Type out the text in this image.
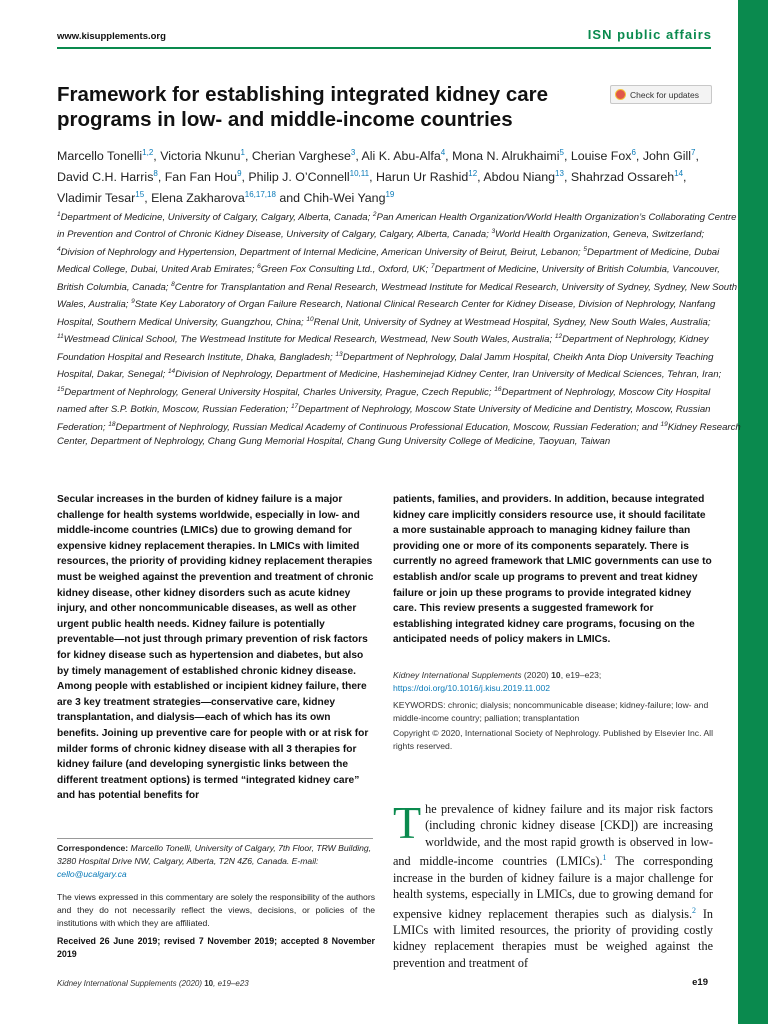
www.kisupplements.org	ISN public affairs
Framework for establishing integrated kidney care programs in low- and middle-income countries
Check for updates
Marcello Tonelli$^{1,2}$, Victoria Nkunu$^1$, Cherian Varghese$^3$, Ali K. Abu-Alfa$^4$, Mona N. Alrukhaimi$^5$, Louise Fox$^6$, John Gill$^7$, David C.H. Harris$^8$, Fan Fan Hou$^9$, Philip J. O’Connell$^{10,11}$, Harun Ur Rashid$^{12}$, Abdou Niang$^{13}$, Shahrzad Ossareh$^{14}$, Vladimir Tesar$^{15}$, Elena Zakharova$^{16,17,18}$ and Chih-Wei Yang$^{19}$
$^1$Department of Medicine, University of Calgary, Calgary, Alberta, Canada; $^2$Pan American Health Organization/World Health Organization’s Collaborating Centre in Prevention and Control of Chronic Kidney Disease, University of Calgary, Calgary, Alberta, Canada; $^3$World Health Organization, Geneva, Switzerland; $^4$Division of Nephrology and Hypertension, Department of Internal Medicine, American University of Beirut, Beirut, Lebanon; $^5$Department of Medicine, Dubai Medical College, Dubai, United Arab Emirates; $^6$Green Fox Consulting Ltd., Oxford, UK; $^7$Department of Medicine, University of British Columbia, Vancouver, British Columbia, Canada; $^8$Centre for Transplantation and Renal Research, Westmead Institute for Medical Research, University of Sydney, Sydney, New South Wales, Australia; $^9$State Key Laboratory of Organ Failure Research, National Clinical Research Center for Kidney Disease, Division of Nephrology, Nanfang Hospital, Southern Medical University, Guangzhou, China; $^{10}$Renal Unit, University of Sydney at Westmead Hospital, Sydney, New South Wales, Australia; $^{11}$Westmead Clinical School, The Westmead Institute for Medical Research, Westmead, New South Wales, Australia; $^{12}$Department of Nephrology, Kidney Foundation Hospital and Research Institute, Dhaka, Bangladesh; $^{13}$Department of Nephrology, Dalal Jamm Hospital, Cheikh Anta Diop University Teaching Hospital, Dakar, Senegal; $^{14}$Division of Nephrology, Department of Medicine, Hasheminejad Kidney Center, Iran University of Medical Sciences, Tehran, Iran; $^{15}$Department of Nephrology, General University Hospital, Charles University, Prague, Czech Republic; $^{16}$Department of Nephrology, Moscow City Hospital named after S.P. Botkin, Moscow, Russian Federation; $^{17}$Department of Nephrology, Moscow State University of Medicine and Dentistry, Moscow, Russian Federation; $^{18}$Department of Nephrology, Russian Medical Academy of Continuous Professional Education, Moscow, Russian Federation; and $^{19}$Kidney Research Center, Department of Nephrology, Chang Gung Memorial Hospital, Chang Gung University College of Medicine, Taoyuan, Taiwan
Secular increases in the burden of kidney failure is a major challenge for health systems worldwide, especially in low- and middle-income countries (LMICs) due to growing demand for expensive kidney replacement therapies. In LMICs with limited resources, the priority of providing kidney replacement therapies must be weighed against the prevention and treatment of chronic kidney disease, other kidney disorders such as acute kidney injury, and other noncommunicable diseases, as well as other urgent public health needs. Kidney failure is potentially preventable—not just through primary prevention of risk factors for kidney disease such as hypertension and diabetes, but also by timely management of established chronic kidney disease. Among people with established or incipient kidney failure, there are 3 key treatment strategies—conservative care, kidney transplantation, and dialysis—each of which has its own benefits. Joining up preventive care for people with or at risk for milder forms of chronic kidney disease with all 3 therapies for kidney failure (and developing synergistic links between the different treatment options) is termed “integrated kidney care” and has potential benefits for
patients, families, and providers. In addition, because integrated kidney care implicitly considers resource use, it should facilitate a more sustainable approach to managing kidney failure than providing one or more of its components separately. There is currently no agreed framework that LMIC governments can use to establish and/or scale up programs to prevent and treat kidney failure or join up these programs to provide integrated kidney care. This review presents a suggested framework for establishing integrated kidney care programs, focusing on the anticipated needs of policy makers in LMICs.
Kidney International Supplements (2020) 10, e19–e23; https://doi.org/10.1016/j.kisu.2019.11.002
KEYWORDS: chronic; dialysis; noncommunicable disease; kidney-failure; low- and middle-income country; palliation; transplantation
Copyright © 2020, International Society of Nephrology. Published by Elsevier Inc. All rights reserved.
Correspondence: Marcello Tonelli, University of Calgary, 7th Floor, TRW Building, 3280 Hospital Drive NW, Calgary, Alberta, T2N 4Z6, Canada. E-mail: cello@ucalgary.ca
The views expressed in this commentary are solely the responsibility of the authors and they do not necessarily reflect the views, decisions, or policies of the institutions with which they are affiliated.
Received 26 June 2019; revised 7 November 2019; accepted 8 November 2019
The prevalence of kidney failure and its major risk factors (including chronic kidney disease [CKD]) are increasing worldwide, and the most rapid growth is observed in low- and middle-income countries (LMICs).$^1$ The corresponding increase in the burden of kidney failure is a major challenge for health systems, especially in LMICs, due to growing demand for expensive kidney replacement therapies such as dialysis.$^2$ In LMICs with limited resources, the priority of providing costly kidney replacement therapies must be weighed against the prevention and treatment of
Kidney International Supplements (2020) 10, e19–e23	e19
